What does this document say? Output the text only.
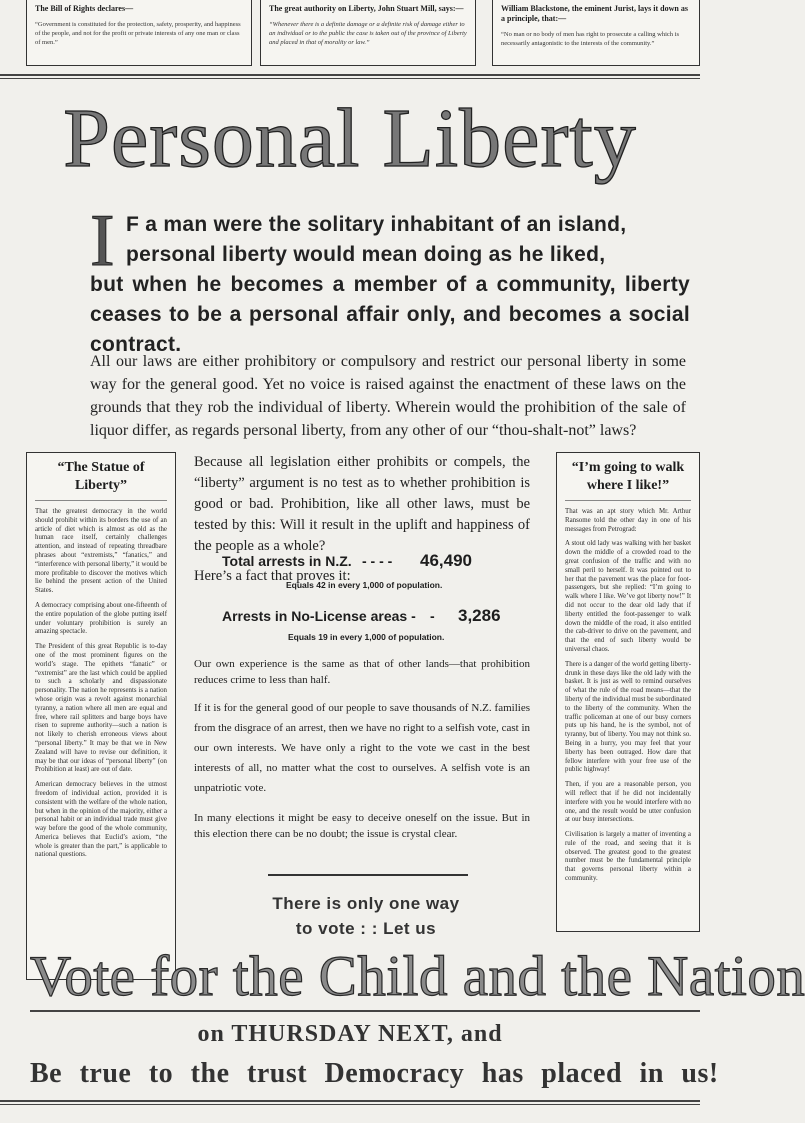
The Bill of Rights declares—
“Government is constituted for the protection, safety, prosperity, and happiness of the people, and not for the profit or private interests of any one man or class of men.”
The great authority on Liberty, John Stuart Mill, says:—
“Whenever there is a definite damage or a definite risk of damage either to an individual or to the public the case is taken out of the province of Liberty and placed in that of morality or law.”
William Blackstone, the eminent Jurist, lays it down as a principle, that:—
“No man or no body of men has right to prosecute a calling which is necessarily antagonistic to the interests of the community.”
Personal Liberty
I F a man were the solitary inhabitant of an island,
personal liberty would mean doing as he liked,
but when he becomes a member of a community, liberty ceases to be a personal affair only, and becomes a social contract.
All our laws are either prohibitory or compulsory and restrict our personal liberty in some way for the general good. Yet no voice is raised against the enactment of these laws on the grounds that they rob the individual of liberty. Wherein would the prohibition of the sale of liquor differ, as regards personal liberty, from any other of our “thou-shalt-not” laws?
“The Statue of Liberty”

That the greatest democracy in the world should prohibit within its borders the use of an article of diet which is almost as old as the human race itself, certainly challenges attention, and instead of repeating threadbare phrases about “extremists,” “fanatics,” and “interference with personal liberty,” it would be more profitable to discover the motives which lie behind the present action of the United States.

A democracy comprising about one-fifteenth of the entire population of the globe putting itself under voluntary prohibition is surely an amazing spectacle.

The President of this great Republic is to-day one of the most prominent figures on the world’s stage. The epithets “fanatic” or “extremist” are the last which could be applied to such a scholarly and dispassionate personality. The nation he represents is a nation whose origin was a revolt against monarchial tyranny, a nation where all men are equal and free, where rail splitters and barge boys have risen to supreme authority—such a nation is not likely to cherish erroneous views about “personal liberty.” It may be that we in New Zealand will have to revise our definition, it may be that our ideas of “personal liberty” (on Prohibition at least) are out of date.

American democracy believes in the utmost freedom of individual action, provided it is consistent with the welfare of the whole nation, but when in the opinion of the majority, either a personal habit or an individual trade must give way before the good of the whole community, America believes that Euclid’s axiom, “the whole is greater than the part,” is applicable to national questions.

“I’m going to walk where I like!”

That was an apt story which Mr. Arthur Ransome told the other day in one of his messages from Petrograd:

A stout old lady was walking with her basket down the middle of a crowded road to the great confusion of the traffic and with no small peril to herself. It was pointed out to her that the pavement was the place for foot-passengers, but she replied: “I’m going to walk where I like. We’ve got liberty now!” It did not occur to the dear old lady that if liberty entitled the foot-passenger to walk down the middle of the road, it also entitled the cab-driver to drive on the pavement, and that the end of such liberty would be universal chaos.

There is a danger of the world getting liberty-drunk in these days like the old lady with the basket. It is just as well to remind ourselves of what the rule of the road means—that the liberty of the individual must be subordinated to the liberty of the community. When the traffic policeman at one of our busy corners puts up his hand, he is the symbol, not of tyranny, but of liberty. You may not think so. Being in a hurry, you may feel that your liberty has been outraged. How dare that fellow interfere with your free use of the public highway!

Then, if you are a reasonable person, you will reflect that if he did not incidentally interfere with you he would interfere with no one, and the result would be utter confusion at our busy intersections.

Civilisation is largely a matter of inventing a rule of the road, and seeing that it is observed. The greatest good to the greatest number must be the fundamental principle that governs personal liberty within a community.

Because all legislation either prohibits or compels, the “liberty” argument is no test as to whether prohibition is good or bad. Prohibition, like all other laws, must be tested by this: Will it result in the uplift and happiness of the people as a whole?

Here’s a fact that proves it:

Total arrests in N.Z. - - - - 46,490
Equals 42 in every 1,000 of population.
Arrests in No-License areas - - 3,286
Equals 19 in every 1,000 of population.

Our own experience is the same as that of other lands—that prohibition reduces crime to less than half.

If it is for the general good of our people to save thousands of N.Z. families from the disgrace of an arrest, then we have no right to a selfish vote, cast in our own interests. We have only a right to the vote we cast in the best interests of all, no matter what the cost to ourselves. A selfish vote is an unpatriotic vote.

In many elections it might be easy to deceive oneself on the issue. But in this election there can be no doubt; the issue is crystal clear.

There is only one way
to vote : : Let us
Vote for the Child and the Nation
on THURSDAY NEXT, and
Be true to the trust Democracy has placed in us!
